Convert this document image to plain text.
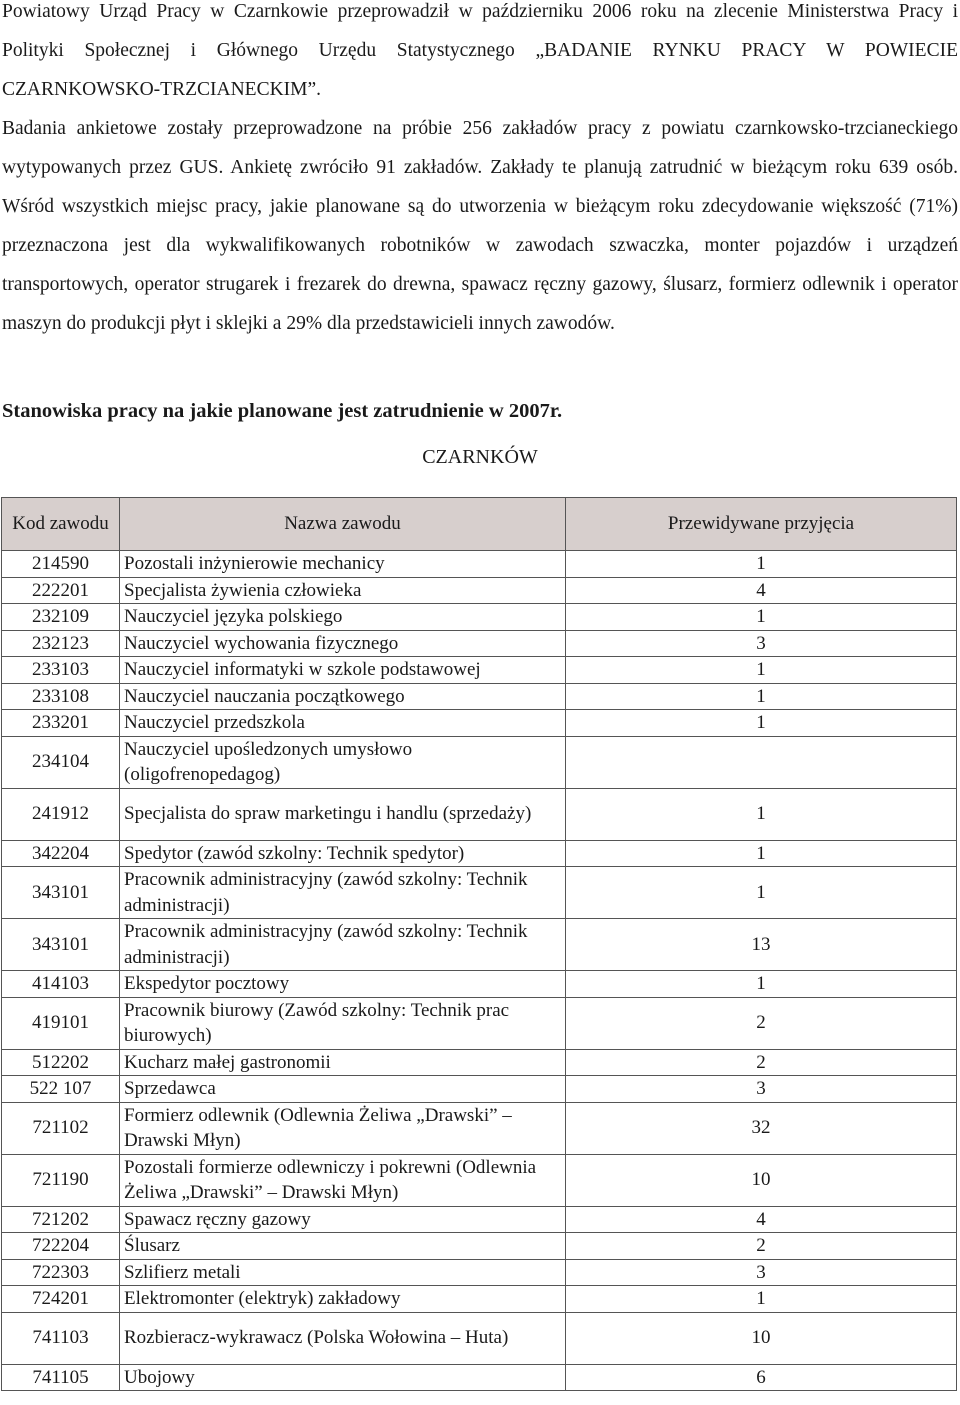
Powiatowy Urząd Pracy w Czarnkowie przeprowadził w październiku 2006 roku na zlecenie Ministerstwa Pracy i Polityki Społecznej i Głównego Urzędu Statystycznego „BADANIE RYNKU PRACY W POWIECIE CZARNKOWSKO-TRZCIANECKIM”.

Badania ankietowe zostały przeprowadzone na próbie 256 zakładów pracy z powiatu czarnkowsko-trzcianeckiego wytypowanych przez GUS. Ankietę zwróciło 91 zakładów. Zakłady te planują zatrudnić w bieżącym roku 639 osób. Wśród wszystkich miejsc pracy, jakie planowane są do utworzenia w bieżącym roku zdecydowanie większość (71%) przeznaczona jest dla wykwalifikowanych robotników w zawodach szwaczka, monter pojazdów i urządzeń transportowych, operator strugarek i frezarek do drewna, spawacz ręczny gazowy, ślusarz, formierz odlewnik i operator maszyn do produkcji płyt i sklejki a 29% dla przedstawicieli innych zawodów.

Stanowiska pracy na jakie planowane jest zatrudnienie w 2007r.

CZARNKÓW

Kod zawodu	Nazwa zawodu	Przewidywane przyjęcia
214590	Pozostali inżynierowie mechanicy	1
222201	Specjalista żywienia człowieka	4
232109	Nauczyciel języka polskiego	1
232123	Nauczyciel wychowania fizycznego	3
233103	Nauczyciel informatyki w szkole podstawowej	1
233108	Nauczyciel nauczania początkowego	1
233201	Nauczyciel przedszkola	1
234104	Nauczyciel upośledzonych umysłowo (oligofrenopedagog)	
241912	Specjalista do spraw marketingu i handlu (sprzedaży)	1
342204	Spedytor (zawód szkolny: Technik spedytor)	1
343101	Pracownik administracyjny (zawód szkolny: Technik administracji)	1
343101	Pracownik administracyjny (zawód szkolny: Technik administracji)	13
414103	Ekspedytor pocztowy	1
419101	Pracownik biurowy (Zawód szkolny: Technik prac biurowych)	2
512202	Kucharz małej gastronomii	2
522 107	Sprzedawca	3
721102	Formierz odlewnik (Odlewnia Żeliwa „Drawski” – Drawski Młyn)	32
721190	Pozostali formierze odlewniczy i pokrewni (Odlewnia Żeliwa „Drawski” – Drawski Młyn)	10
721202	Spawacz ręczny gazowy	4
722204	Ślusarz	2
722303	Szlifierz metali	3
724201	Elektromonter (elektryk) zakładowy	1
741103	Rozbieracz-wykrawacz (Polska Wołowina – Huta)	10
741105	Ubojowy	6
